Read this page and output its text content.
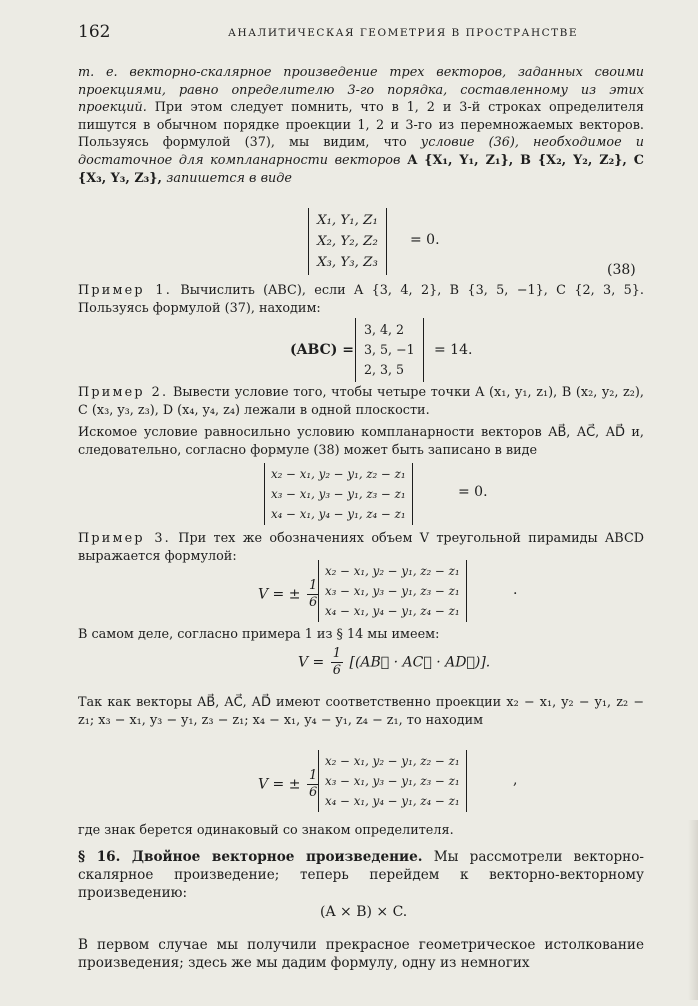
162	АНАЛИТИЧЕСКАЯ ГЕОМЕТРИЯ В ПРОСТРАНСТВЕ

т. е. векторно-скалярное произведение трех векторов, заданных своими проекциями, равно определителю 3-го порядка, составленному из этих проекций. При этом следует помнить, что в 1, 2 и 3-й строках определителя пишутся в обычном порядке проекции 1, 2 и 3-го из перемножаемых векторов. Пользуясь формулой (37), мы видим, что условие (36), необходимое и достаточное для компланарности векторов A {X₁, Y₁, Z₁}, B {X₂, Y₂, Z₂}, C {X₃, Y₃, Z₃}, запишется в виде

X₁, Y₁, Z₁
X₂, Y₂, Z₂
X₃, Y₃, Z₃
= 0.
(38)

Пример 1. Вычислить (ABC), если A {3, 4, 2}, B {3, 5, −1}, C {2, 3, 5}. Пользуясь формулой (37), находим:

(ABC) =
3, 4, 2
3, 5, −1
2, 3, 5
= 14.

Пример 2. Вывести условие того, чтобы четыре точки A (x₁, y₁, z₁), B (x₂, y₂, z₂), C (x₃, y₃, z₃), D (x₄, y₄, z₄) лежали в одной плоскости.

Искомое условие равносильно условию компланарности векторов AB⃗, AC⃗, AD⃗ и, следовательно, согласно формуле (38) может быть записано в виде

x₂ − x₁, y₂ − y₁, z₂ − z₁
x₃ − x₁, y₃ − y₁, z₃ − z₁
x₄ − x₁, y₄ − y₁, z₄ − z₁
= 0.

Пример 3. При тех же обозначениях объем V треугольной пирамиды ABCD выражается формулой:

V = ± $\frac{1}{6}$
x₂ − x₁, y₂ − y₁, z₂ − z₁
x₃ − x₁, y₃ − y₁, z₃ − z₁
x₄ − x₁, y₄ − y₁, z₄ − z₁
.

В самом деле, согласно примера 1 из § 14 мы имеем:

$V = \frac{1}{6}$ [(AB⃗ · AC⃗ · AD⃗)].

Так как векторы AB⃗, AC⃗, AD⃗ имеют соответственно проекции x₂ − x₁, y₂ − y₁, z₂ − z₁; x₃ − x₁, y₃ − y₁, z₃ − z₁; x₄ − x₁, y₄ − y₁, z₄ − z₁, то находим

V = ± $\frac{1}{6}$
x₂ − x₁, y₂ − y₁, z₂ − z₁
x₃ − x₁, y₃ − y₁, z₃ − z₁
x₄ − x₁, y₄ − y₁, z₄ − z₁
,

где знак берется одинаковый со знаком определителя.

§ 16. Двойное векторное произведение. Мы рассмотрели векторно-скалярное произведение; теперь перейдем к векторно-векторному произведению:

(A × B) × C.

В первом случае мы получили прекрасное геометрическое истолкование произведения; здесь же мы дадим формулу, одну из немногих
